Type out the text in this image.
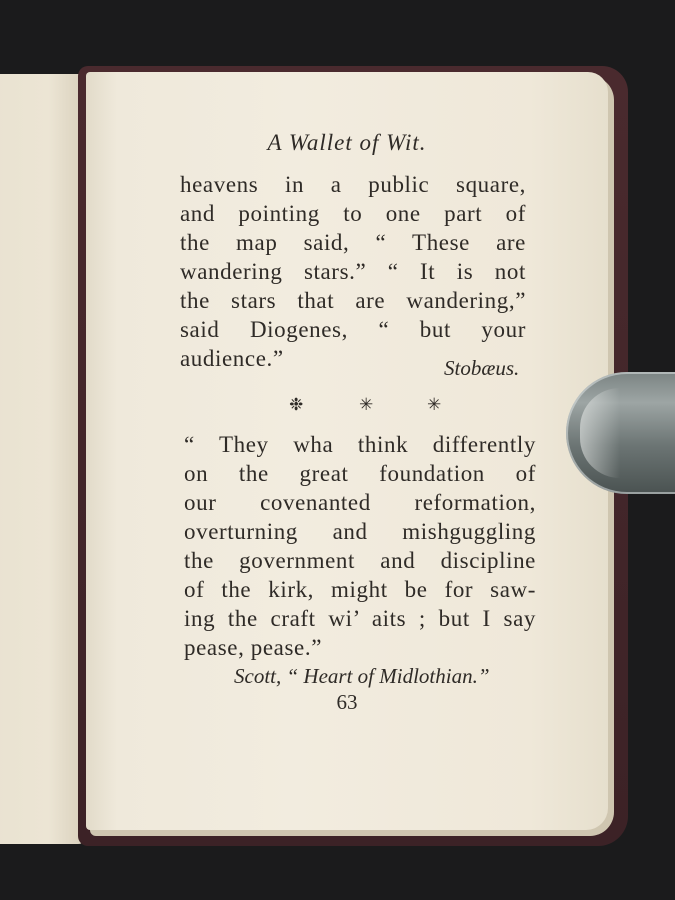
A Wallet of Wit.

heavens in a public square,

and pointing to one part of

the map said, “ These are

wandering stars.” “ It is not

the stars that are wandering,”

said Diogenes, “ but your

audience.”	Stobæus.

❉	✳	✳

“ They wha think differently

on the great foundation of

our covenanted reformation,

overturning and mishguggling

the government and discipline

of the kirk, might be for saw-

ing the craft wi’ aits ; but I say

pease, pease.”

Scott, “ Heart of Midlothian.”

63
